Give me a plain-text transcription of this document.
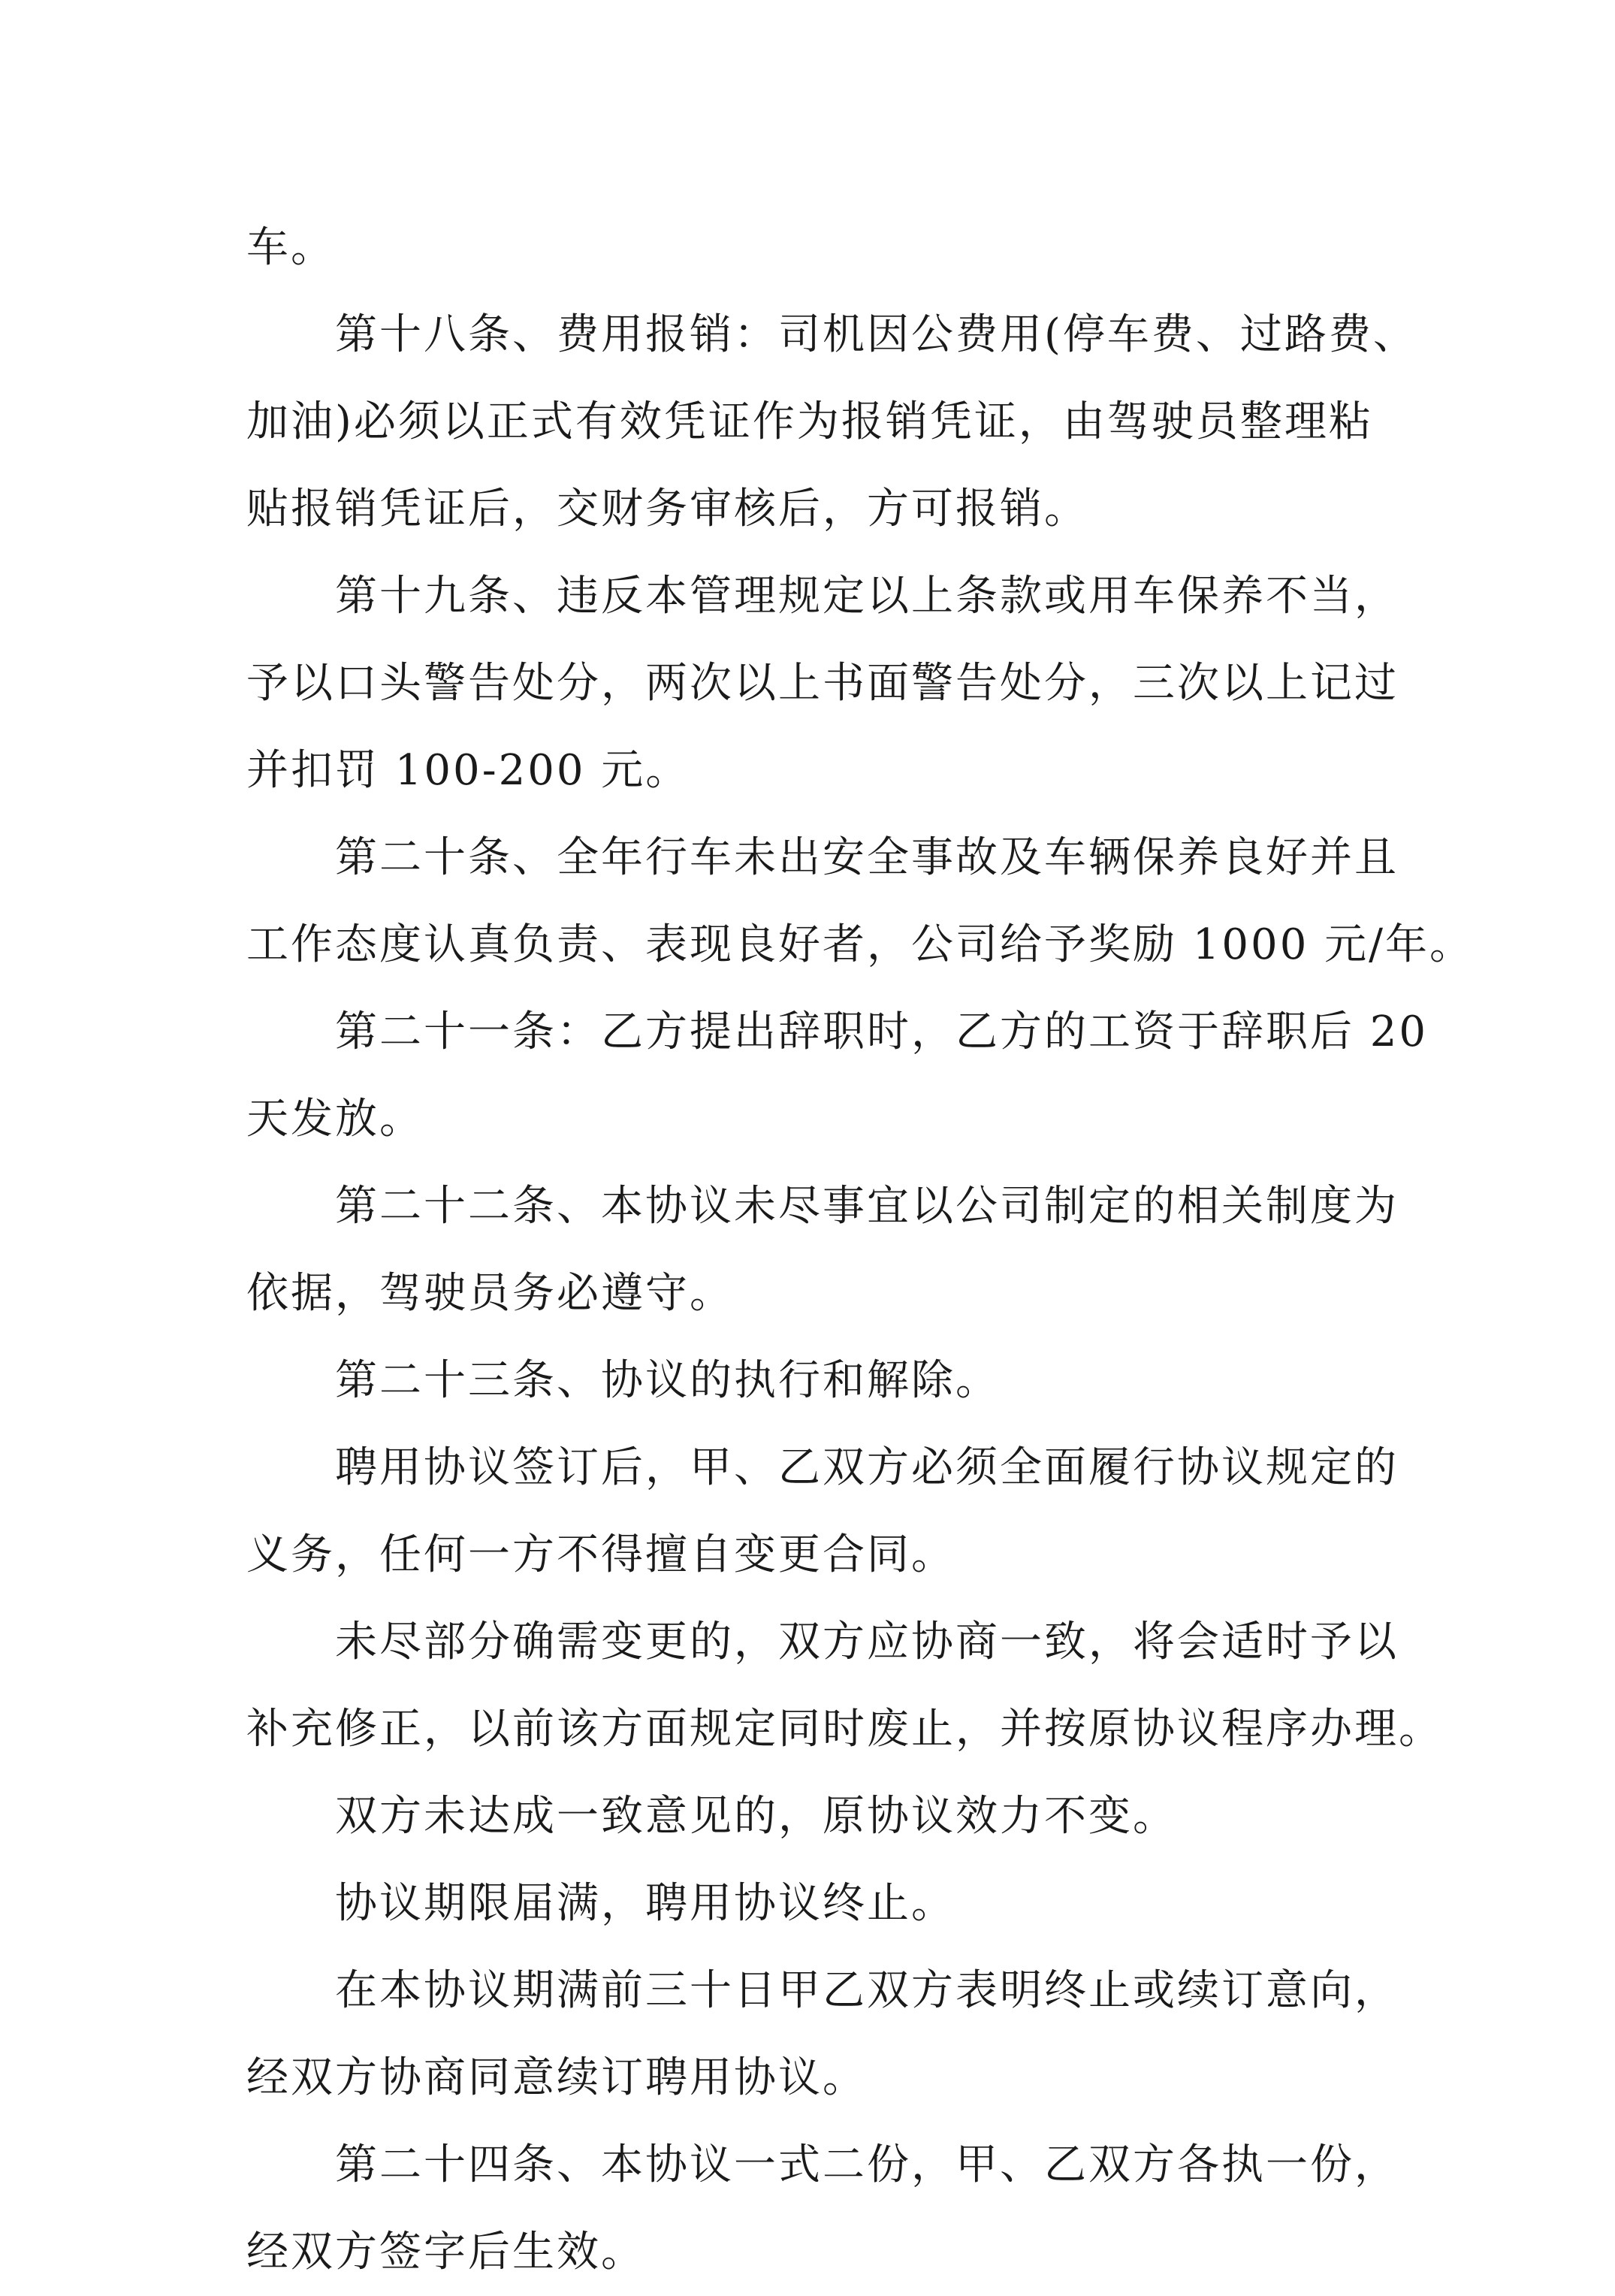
车。
第十八条、费用报销：司机因公费用(停车费、过路费、
加油)必须以正式有效凭证作为报销凭证，由驾驶员整理粘
贴报销凭证后，交财务审核后，方可报销。
第十九条、违反本管理规定以上条款或用车保养不当，
予以口头警告处分，两次以上书面警告处分，三次以上记过
并扣罚 100-200 元。
第二十条、全年行车未出安全事故及车辆保养良好并且
工作态度认真负责、表现良好者，公司给予奖励 1000 元/年。
第二十一条：乙方提出辞职时，乙方的工资于辞职后 20
天发放。
第二十二条、本协议未尽事宜以公司制定的相关制度为
依据，驾驶员务必遵守。
第二十三条、协议的执行和解除。
聘用协议签订后，甲、乙双方必须全面履行协议规定的
义务，任何一方不得擅自变更合同。
未尽部分确需变更的，双方应协商一致，将会适时予以
补充修正，以前该方面规定同时废止，并按原协议程序办理。
双方未达成一致意见的，原协议效力不变。
协议期限届满，聘用协议终止。
在本协议期满前三十日甲乙双方表明终止或续订意向，
经双方协商同意续订聘用协议。
第二十四条、本协议一式二份，甲、乙双方各执一份，
经双方签字后生效。
